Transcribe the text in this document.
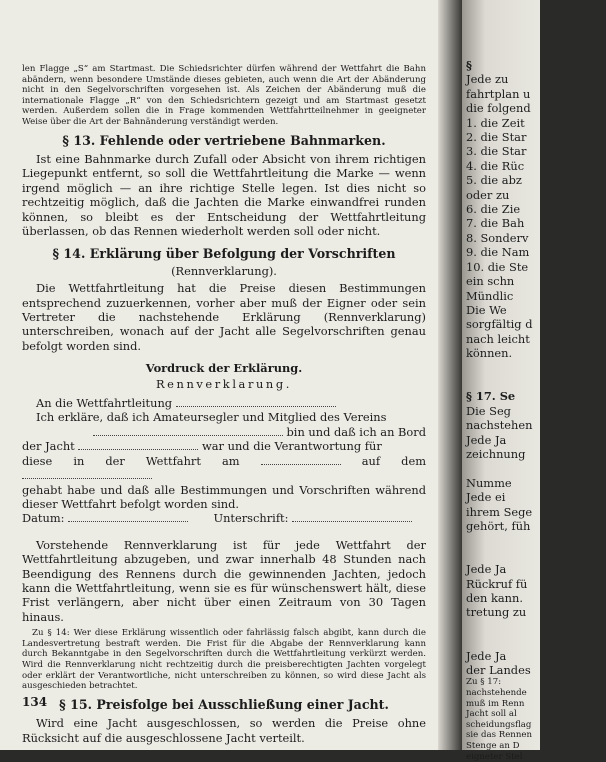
len Flagge „S“ am Startmast. Die Schiedsrichter dürfen während der Wettfahrt die Bahn abändern, wenn besondere Umstände dieses gebieten, auch wenn die Art der Abänderung nicht in den Segelvorschriften vorgesehen ist. Als Zeichen der Abänderung muß die internationale Flagge „R“ von den Schiedsrichtern gezeigt und am Startmast gesetzt werden. Außerdem sollen die in Frage kommenden Wettfahrtteilnehmer in geeigneter Weise über die Art der Bahnänderung verständigt werden.

§ 13. Fehlende oder vertriebene Bahnmarken.

Ist eine Bahnmarke durch Zufall oder Absicht von ihrem richtigen Liegepunkt entfernt, so soll die Wettfahrtleitung die Marke — wenn irgend möglich — an ihre richtige Stelle legen. Ist dies nicht so rechtzeitig möglich, daß die Jachten die Marke einwandfrei runden können, so bleibt es der Entscheidung der Wettfahrtleitung überlassen, ob das Rennen wiederholt werden soll oder nicht.

§ 14. Erklärung über Befolgung der Vorschriften
(Rennverklarung).

Die Wettfahrtleitung hat die Preise diesen Bestimmungen entsprechend zuzuerkennen, vorher aber muß der Eigner oder sein Vertreter die nachstehende Erklärung (Rennverklarung) unterschreiben, wonach auf der Jacht alle Segelvorschriften genau befolgt worden sind.

Vordruck der Erklärung.
Rennverklarung.

An die Wettfahrtleitung

Ich erkläre, daß ich Amateursegler und Mitglied des Vereins

bin und daß ich an Bord

der Jacht	war und die Verantwortung für

diese in der Wettfahrt am	auf dem

gehabt habe und daß alle Bestimmungen und Vorschriften während dieser Wettfahrt befolgt worden sind.

Datum:	Unterschrift:

Vorstehende Rennverklarung ist für jede Wettfahrt der Wettfahrtleitung abzugeben, und zwar innerhalb 48 Stunden nach Beendigung des Rennens durch die gewinnenden Jachten, jedoch kann die Wettfahrtleitung, wenn sie es für wünschenswert hält, diese Frist verlängern, aber nicht über einen Zeitraum von 30 Tagen hinaus.

Zu § 14: Wer diese Erklärung wissentlich oder fahrlässig falsch abgibt, kann durch die Landesvertretung bestraft werden. Die Frist für die Abgabe der Rennverklarung kann durch Bekanntgabe in den Segelvorschriften durch die Wettfahrtleitung verkürzt werden. Wird die Rennverklarung nicht rechtzeitig durch die preisberechtigten Jachten vorgelegt oder erklärt der Verantwortliche, nicht unterschreiben zu können, so wird diese Jacht als ausgeschieden betrachtet.

§ 15. Preisfolge bei Ausschließung einer Jacht.

Wird eine Jacht ausgeschlossen, so werden die Preise ohne Rücksicht auf die ausgeschlossene Jacht verteilt.

134
§
Jede zu
fahrtplan u
die folgend
1. die Zeit
2. die Star
3. die Star
4. die Rüc
5. die abz
oder zu
6. die Zie
7. die Bah
8. Sonderv
9. die Nam
10. die Ste
ein schn
Mündlic
Die We
sorgfältig d
nach leicht
können.

§ 17. Se
Die Seg
nachstehen
Jede Ja
zeichnung

Numme
Jede ei
ihrem Sege
gehört, füh

Jede Ja
Rückruf fü
den kann.
tretung zu

Jede Ja
der Landes
Zu § 17:
nachstehende
muß im Renn
Jacht soll al
scheidungsflag
sie das Rennen
Stenge an D
eigneter Stel
